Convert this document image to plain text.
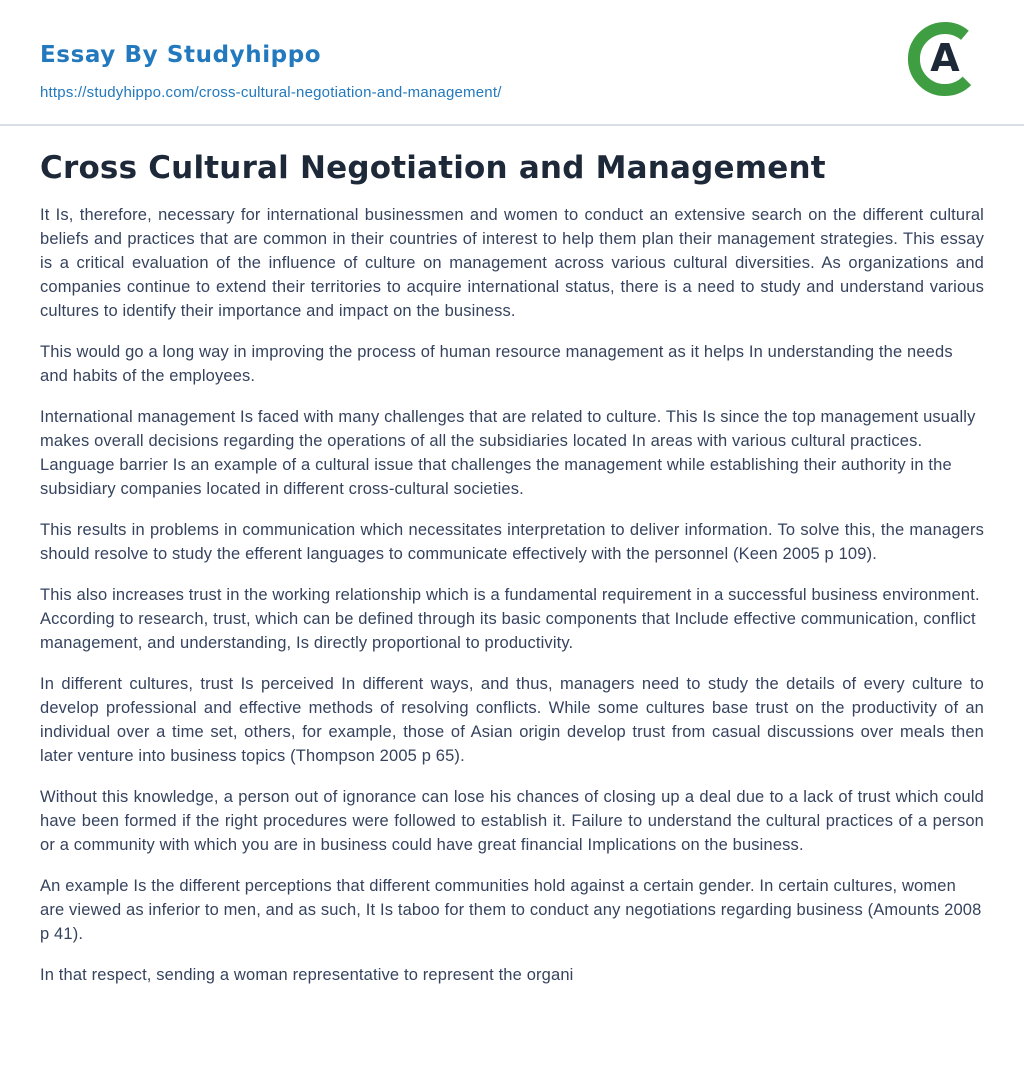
Essay By Studyhippo
https://studyhippo.com/cross-cultural-negotiation-and-management/
A
Cross Cultural Negotiation and Management

It Is, therefore, necessary for international businessmen and women to conduct an extensive search on the different cultural beliefs and practices that are common in their countries of interest to help them plan their management strategies. This essay is a critical evaluation of the influence of culture on management across various cultural diversities. As organizations and companies continue to extend their territories to acquire international status, there is a need to study and understand various cultures to identify their importance and impact on the business.

This would go a long way in improving the process of human resource management as it helps In understanding the needs and habits of the employees.

International management Is faced with many challenges that are related to culture. This Is since the top management usually makes overall decisions regarding the operations of all the subsidiaries located In areas with various cultural practices. Language barrier Is an example of a cultural issue that challenges the management while establishing their authority in the subsidiary companies located in different cross-cultural societies.

This results in problems in communication which necessitates interpretation to deliver information. To solve this, the managers should resolve to study the efferent languages to communicate effectively with the personnel (Keen 2005 p 109).

This also increases trust in the working relationship which is a fundamental requirement in a successful business environment. According to research, trust, which can be defined through its basic components that Include effective communication, conflict management, and understanding, Is directly proportional to productivity.

In different cultures, trust Is perceived In different ways, and thus, managers need to study the details of every culture to develop professional and effective methods of resolving conflicts. While some cultures base trust on the productivity of an individual over a time set, others, for example, those of Asian origin develop trust from casual discussions over meals then later venture into business topics (Thompson 2005 p 65).

Without this knowledge, a person out of ignorance can lose his chances of closing up a deal due to a lack of trust which could have been formed if the right procedures were followed to establish it. Failure to understand the cultural practices of a person or a community with which you are in business could have great financial Implications on the business.

An example Is the different perceptions that different communities hold against a certain gender. In certain cultures, women are viewed as inferior to men, and as such, It Is taboo for them to conduct any negotiations regarding business (Amounts 2008 p 41).

In that respect, sending a woman representative to represent the organi
